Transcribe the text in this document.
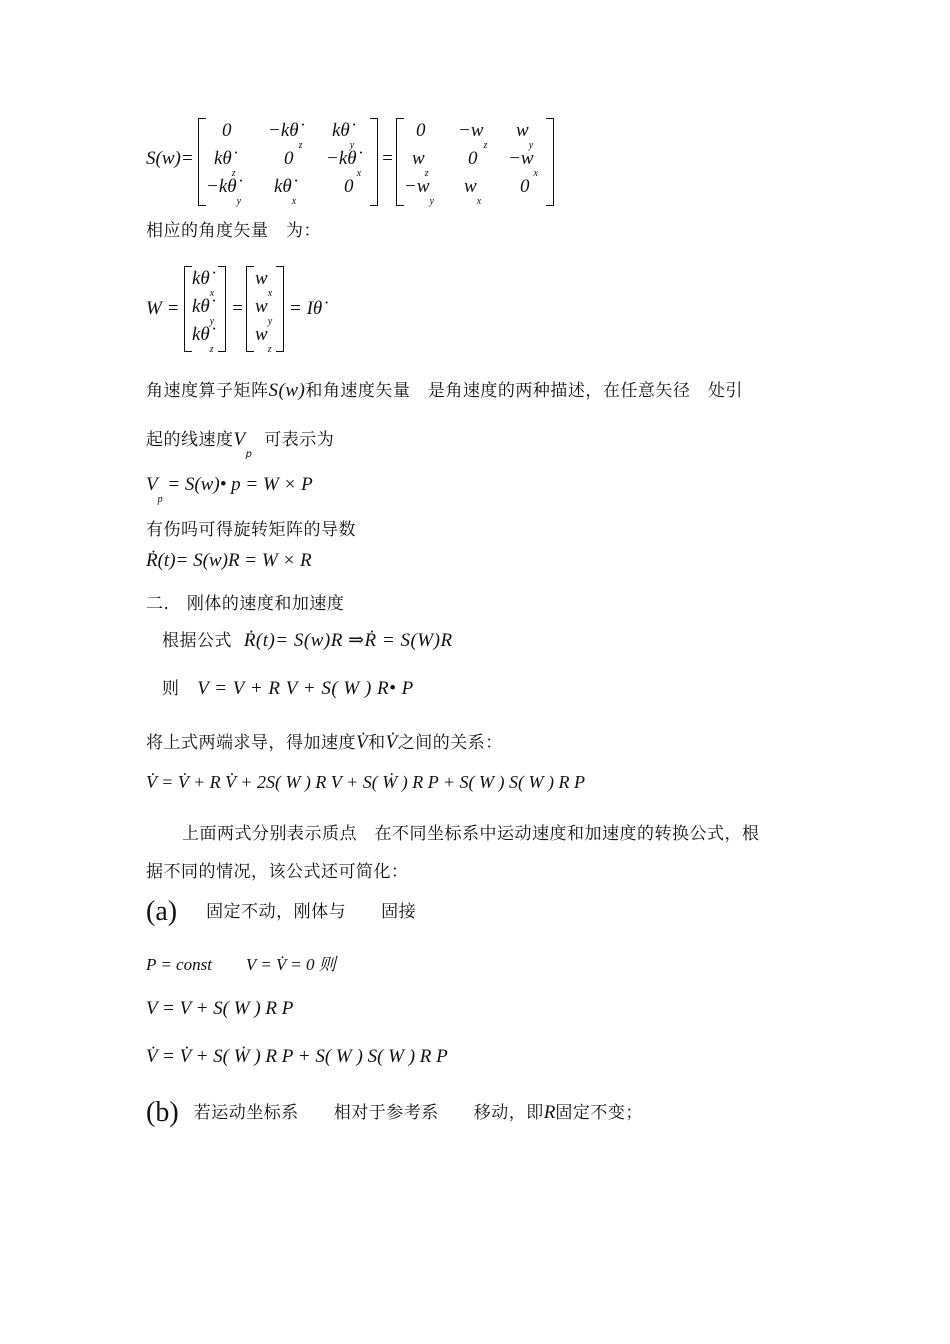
S(w)=
$0 -k\thetȧ_z$
$k\thetȧ_y$
$k\thetȧ_z$
$0 -k\thetȧ_x$
$-k\thetȧ_y$
$k\thetȧ_x$
0
=
$0 -w_z$
$w_y$
$w_z$
$0 -w_x$
$-w_y$
$w_x$
0
相应的角度矢量　为：
W =
$k\thetȧ_x$
$k\thetȧ_y$
$k\thetȧ_z$
=
$w_x$
$w_y$
$w_z$
= Iθ̇
角速度算子矩阵S(w)和角速度矢量　是角速度的两种描述，在任意矢径　处引
起的线速度$V_p$  可表示为
$V_p$ = S(w)• p = W × P
有伤吗可得旋转矩阵的导数
Ṙ(t)= S(w)R = W × R
二.　刚体的速度和加速度
根据公式 Ṙ(t)= S(w)R ⇒Ṙ = S(W)R
则 V = V + R V + S( W ) R• P
将上式两端求导，得加速度V̇和V̇之间的关系：
V̇ = V̇ + R V̇ + 2S( W ) R V + S( Ẇ ) R P + S( W ) S( W ) R P
上面两式分别表示质点　在不同坐标系中运动速度和加速度的转换公式，根
据不同的情况，该公式还可简化：
(a) 固定不动，刚体与　　固接
P = const　　V = V̇ = 0 则
V = V + S( W ) R P
V̇ = V̇ + S( Ẇ ) R P + S( W ) S( W ) R P
(b) 若运动坐标系　　相对于参考系　　移动，即R固定不变；
